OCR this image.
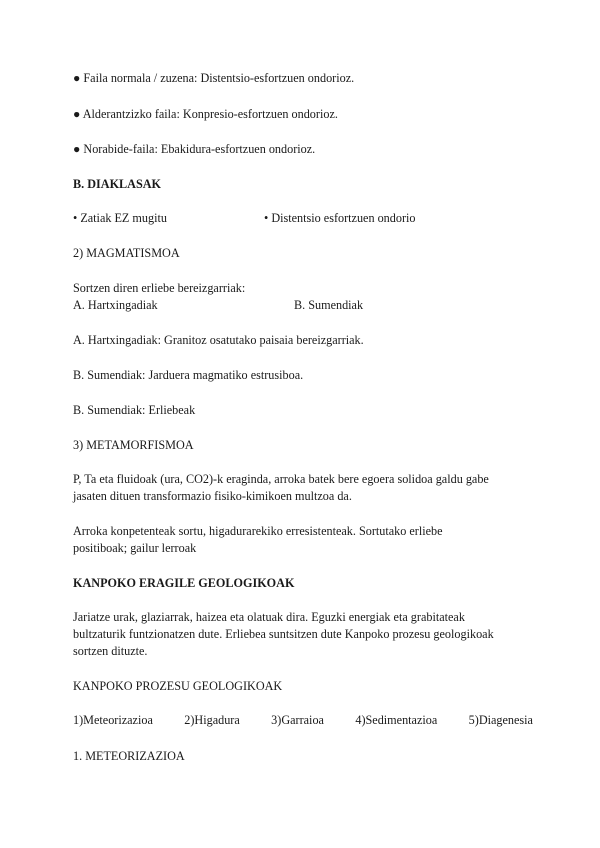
● Faila normala / zuzena: Distentsio-esfortzuen ondorioz.
● Alderantzizko faila: Konpresio-esfortzuen ondorioz.
● Norabide-faila: Ebakidura-esfortzuen ondorioz.
B. DIAKLASAK
• Zatiak EZ mugitu	• Distentsio esfortzuen ondorio
2) MAGMATISMOA
Sortzen diren erliebe bereizgarriak:
A. Hartxingadiak	B. Sumendiak
A. Hartxingadiak: Granitoz osatutako paisaia bereizgarriak.
B. Sumendiak: Jarduera magmatiko estrusiboa.
B. Sumendiak: Erliebeak
3) METAMORFISMOA
P, Ta eta fluidoak (ura, CO2)-k eraginda, arroka batek bere egoera solidoa galdu gabe
jasaten dituen transformazio fisiko-kimikoen multzoa da.
Arroka konpetenteak sortu, higadurarekiko erresistenteak. Sortutako erliebe
positiboak; gailur lerroak
KANPOKO ERAGILE GEOLOGIKOAK
Jariatze urak, glaziarrak, haizea eta olatuak dira. Eguzki energiak eta grabitateak
bultzaturik funtzionatzen dute. Erliebea suntsitzen dute Kanpoko prozesu geologikoak
sortzen dituzte.
KANPOKO PROZESU GEOLOGIKOAK
1)Meteorizazioa	2)Higadura	3)Garraioa	4)Sedimentazioa	5)Diagenesia
1. METEORIZAZIOA
